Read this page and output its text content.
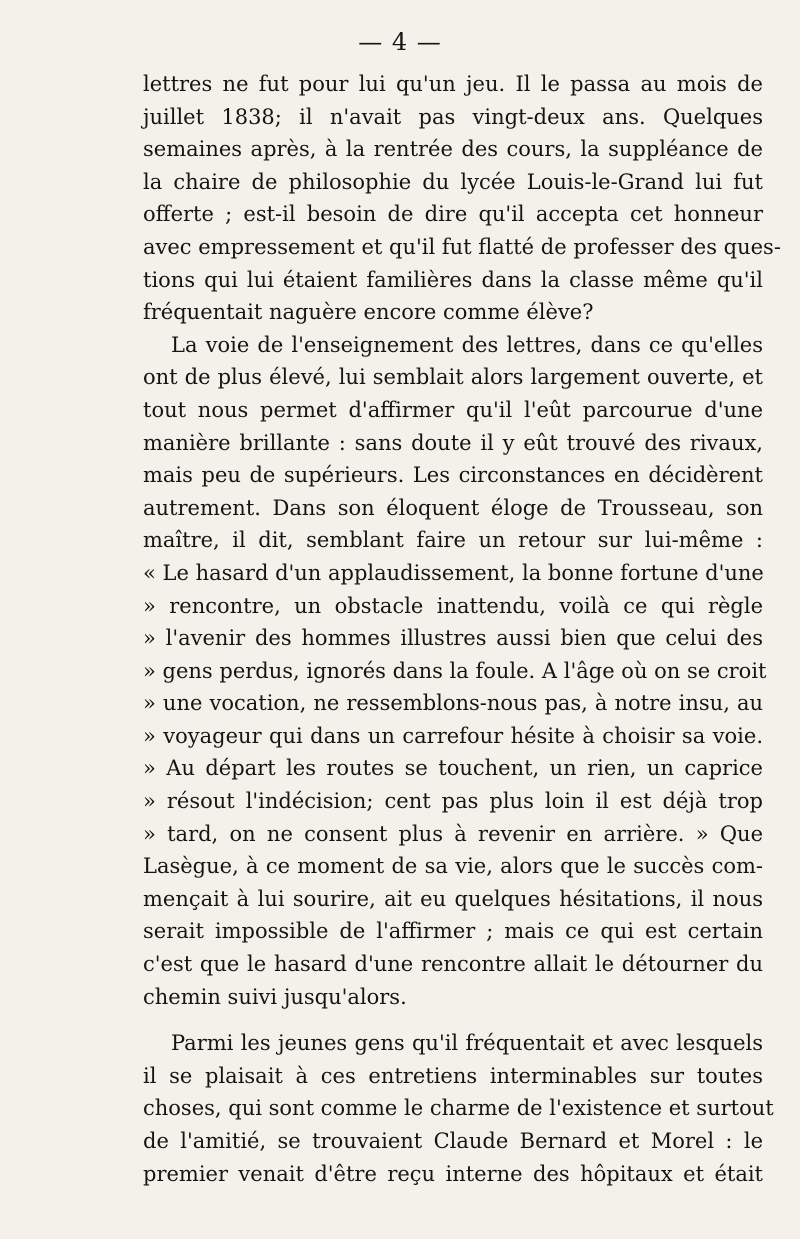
— 4 —
lettres ne fut pour lui qu'un jeu. Il le passa au mois de
juillet 1838; il n'avait pas vingt-deux ans. Quelques
semaines après, à la rentrée des cours, la suppléance de
la chaire de philosophie du lycée Louis-le-Grand lui fut
offerte ; est-il besoin de dire qu'il accepta cet honneur
avec empressement et qu'il fut flatté de professer des ques-
tions qui lui étaient familières dans la classe même qu'il
fréquentait naguère encore comme élève?
La voie de l'enseignement des lettres, dans ce qu'elles
ont de plus élevé, lui semblait alors largement ouverte, et
tout nous permet d'affirmer qu'il l'eût parcourue d'une
manière brillante : sans doute il y eût trouvé des rivaux,
mais peu de supérieurs. Les circonstances en décidèrent
autrement. Dans son éloquent éloge de Trousseau, son
maître, il dit, semblant faire un retour sur lui-même :
« Le hasard d'un applaudissement, la bonne fortune d'une
» rencontre, un obstacle inattendu, voilà ce qui règle
» l'avenir des hommes illustres aussi bien que celui des
» gens perdus, ignorés dans la foule. A l'âge où on se croit
» une vocation, ne ressemblons-nous pas, à notre insu, au
» voyageur qui dans un carrefour hésite à choisir sa voie.
» Au départ les routes se touchent, un rien, un caprice
» résout l'indécision; cent pas plus loin il est déjà trop
» tard, on ne consent plus à revenir en arrière. » Que
Lasègue, à ce moment de sa vie, alors que le succès com-
mençait à lui sourire, ait eu quelques hésitations, il nous
serait impossible de l'affirmer ; mais ce qui est certain
c'est que le hasard d'une rencontre allait le détourner du
chemin suivi jusqu'alors.
Parmi les jeunes gens qu'il fréquentait et avec lesquels
il se plaisait à ces entretiens interminables sur toutes
choses, qui sont comme le charme de l'existence et surtout
de l'amitié, se trouvaient Claude Bernard et Morel : le
premier venait d'être reçu interne des hôpitaux et était
